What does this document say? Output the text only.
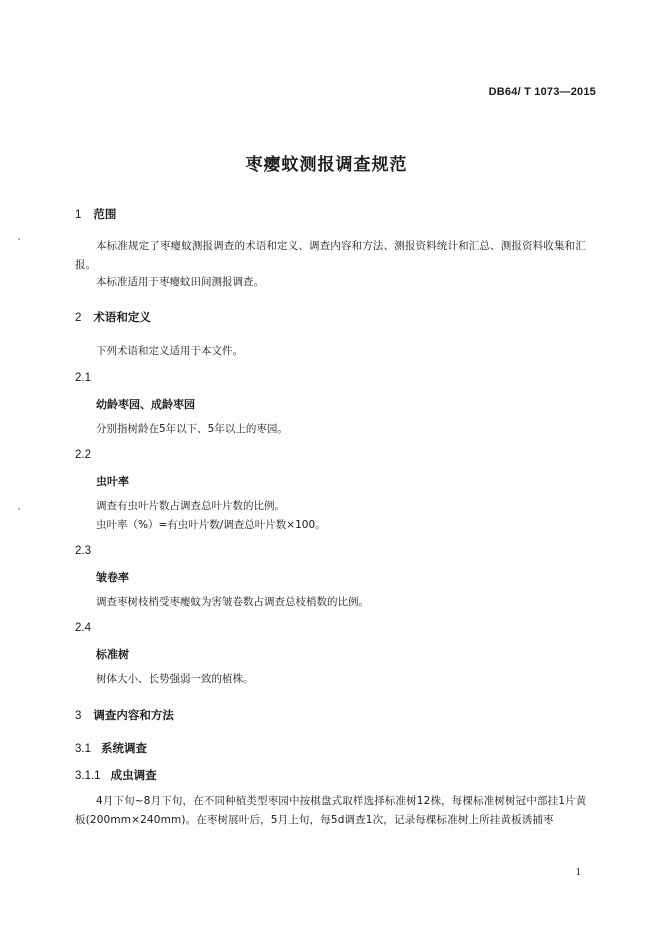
DB64/ T 1073—2015
枣瘿蚊测报调查规范
1 范围
本标准规定了枣瘿蚊测报调查的术语和定义、调查内容和方法、测报资料统计和汇总、测报资料收集和汇报。
本标准适用于枣瘿蚊田间测报调查。
2 术语和定义
下列术语和定义适用于本文件。
2.1
幼龄枣园、成龄枣园
分别指树龄在5年以下、5年以上的枣园。
2.2
虫叶率
调查有虫叶片数占调查总叶片数的比例。
虫叶率（%）=有虫叶片数/调查总叶片数×100。
2.3
皱卷率
调查枣树枝梢受枣瘿蚊为害皱卷数占调查总枝梢数的比例。
2.4
标准树
树体大小、长势强弱一致的植株。
3 调查内容和方法
3.1 系统调查
3.1.1 成虫调查
4月下旬~8月下旬，在不同种植类型枣园中按棋盘式取样选择标准树12株，每棵标准树树冠中部挂1片黄板(200mm×240mm)。在枣树展叶后，5月上旬，每5d调查1次，记录每棵标准树上所挂黄板诱捕枣
1
